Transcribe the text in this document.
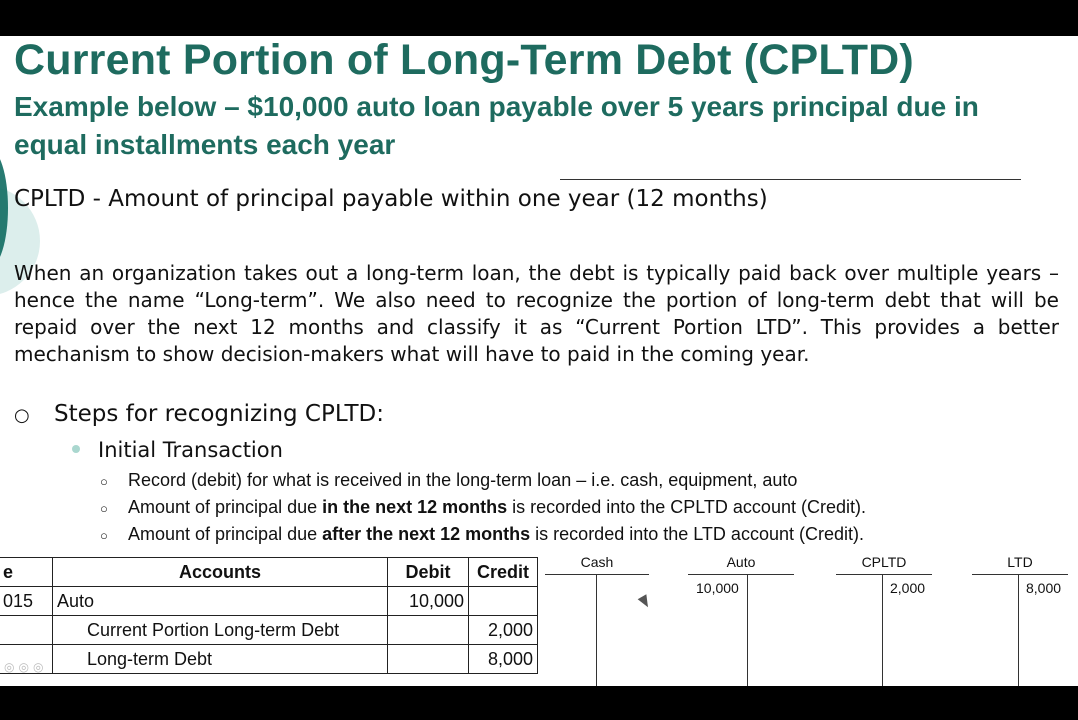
Current Portion of Long-Term Debt (CPLTD)
Example below – $10,000 auto loan payable over 5 years principal due in equal installments each year
CPLTD - Amount of principal payable within one year (12 months)
When an organization takes out a long-term loan, the debt is typically paid back over multiple years – hence the name “Long-term”. We also need to recognize the portion of long-term debt that will be repaid over the next 12 months and classify it as “Current Portion LTD”. This provides a better mechanism to show decision-makers what will have to paid in the coming year.
○ Steps for recognizing CPLTD:
Initial Transaction
○ Record (debit) for what is received in the long-term loan – i.e. cash, equipment, auto
○ Amount of principal due in the next 12 months is recorded into the CPLTD account (Credit).
○ Amount of principal due after the next 12 months is recorded into the LTD account (Credit).
e	Accounts	Debit	Credit
015	Auto	10,000	
	Current Portion Long-term Debt		2,000
	Long-term Debt		8,000
Cash	Auto
10,000
CPLTD
2,000
LTD
8,000
◎◎◎
